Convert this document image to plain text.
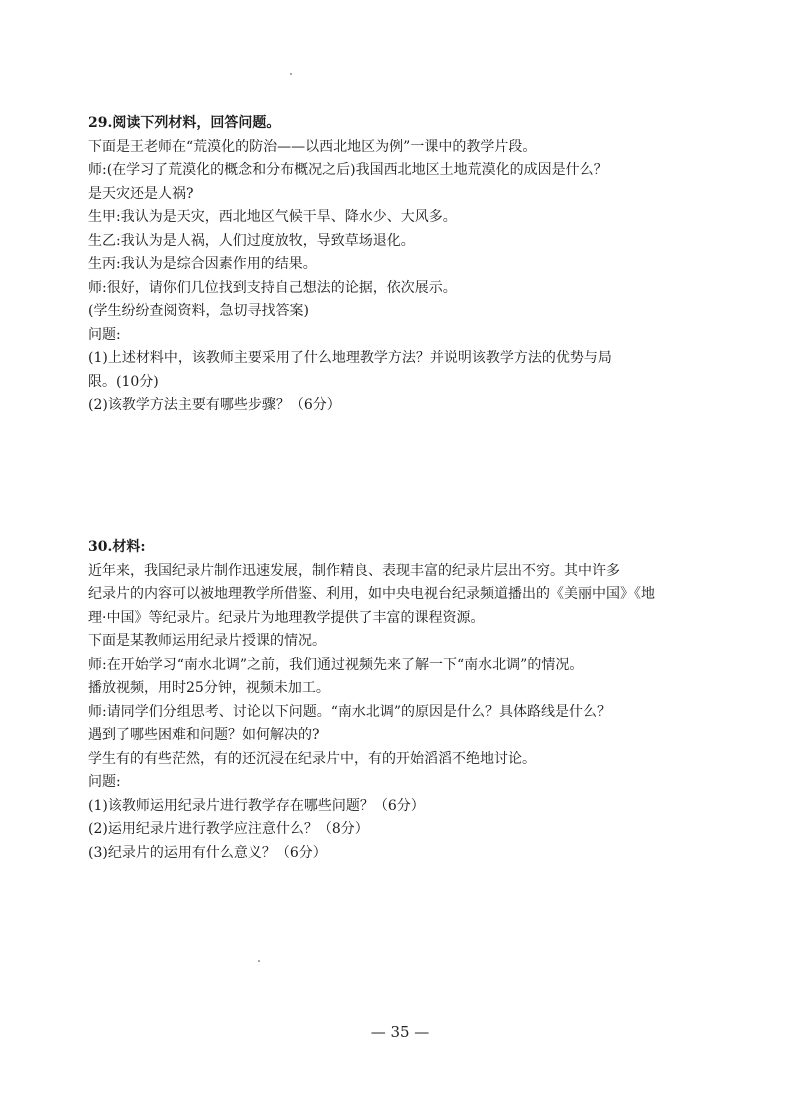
29.阅读下列材料，回答问题。
下面是王老师在“荒漠化的防治——以西北地区为例”一课中的教学片段。
师:(在学习了荒漠化的概念和分布概况之后)我国西北地区土地荒漠化的成因是什么？
是天灾还是人祸?
生甲:我认为是天灾，西北地区气候干旱、降水少、大风多。
生乙:我认为是人祸，人们过度放牧，导致草场退化。
生丙:我认为是综合因素作用的结果。
师:很好，请你们几位找到支持自己想法的论据，依次展示。
(学生纷纷查阅资料，急切寻找答案)
问题:
(1)上述材料中，该教师主要采用了什么地理教学方法？并说明该教学方法的优势与局
限。(10分)
(2)该教学方法主要有哪些步骤？（6分）
30.材料:
近年来，我国纪录片制作迅速发展，制作精良、表现丰富的纪录片层出不穷。其中许多
纪录片的内容可以被地理教学所借鉴、利用，如中央电视台纪录频道播出的《美丽中国》《地
理·中国》等纪录片。纪录片为地理教学提供了丰富的课程资源。
下面是某教师运用纪录片授课的情况。
师:在开始学习“南水北调”之前，我们通过视频先来了解一下“南水北调”的情况。
播放视频，用时25分钟，视频未加工。
师:请同学们分组思考、讨论以下问题。“南水北调”的原因是什么？具体路线是什么？
遇到了哪些困难和问题？如何解决的?
学生有的有些茫然，有的还沉浸在纪录片中，有的开始滔滔不绝地讨论。
问题:
(1)该教师运用纪录片进行教学存在哪些问题？（6分）
(2)运用纪录片进行教学应注意什么？（8分）
(3)纪录片的运用有什么意义？（6分）
— 35 —
